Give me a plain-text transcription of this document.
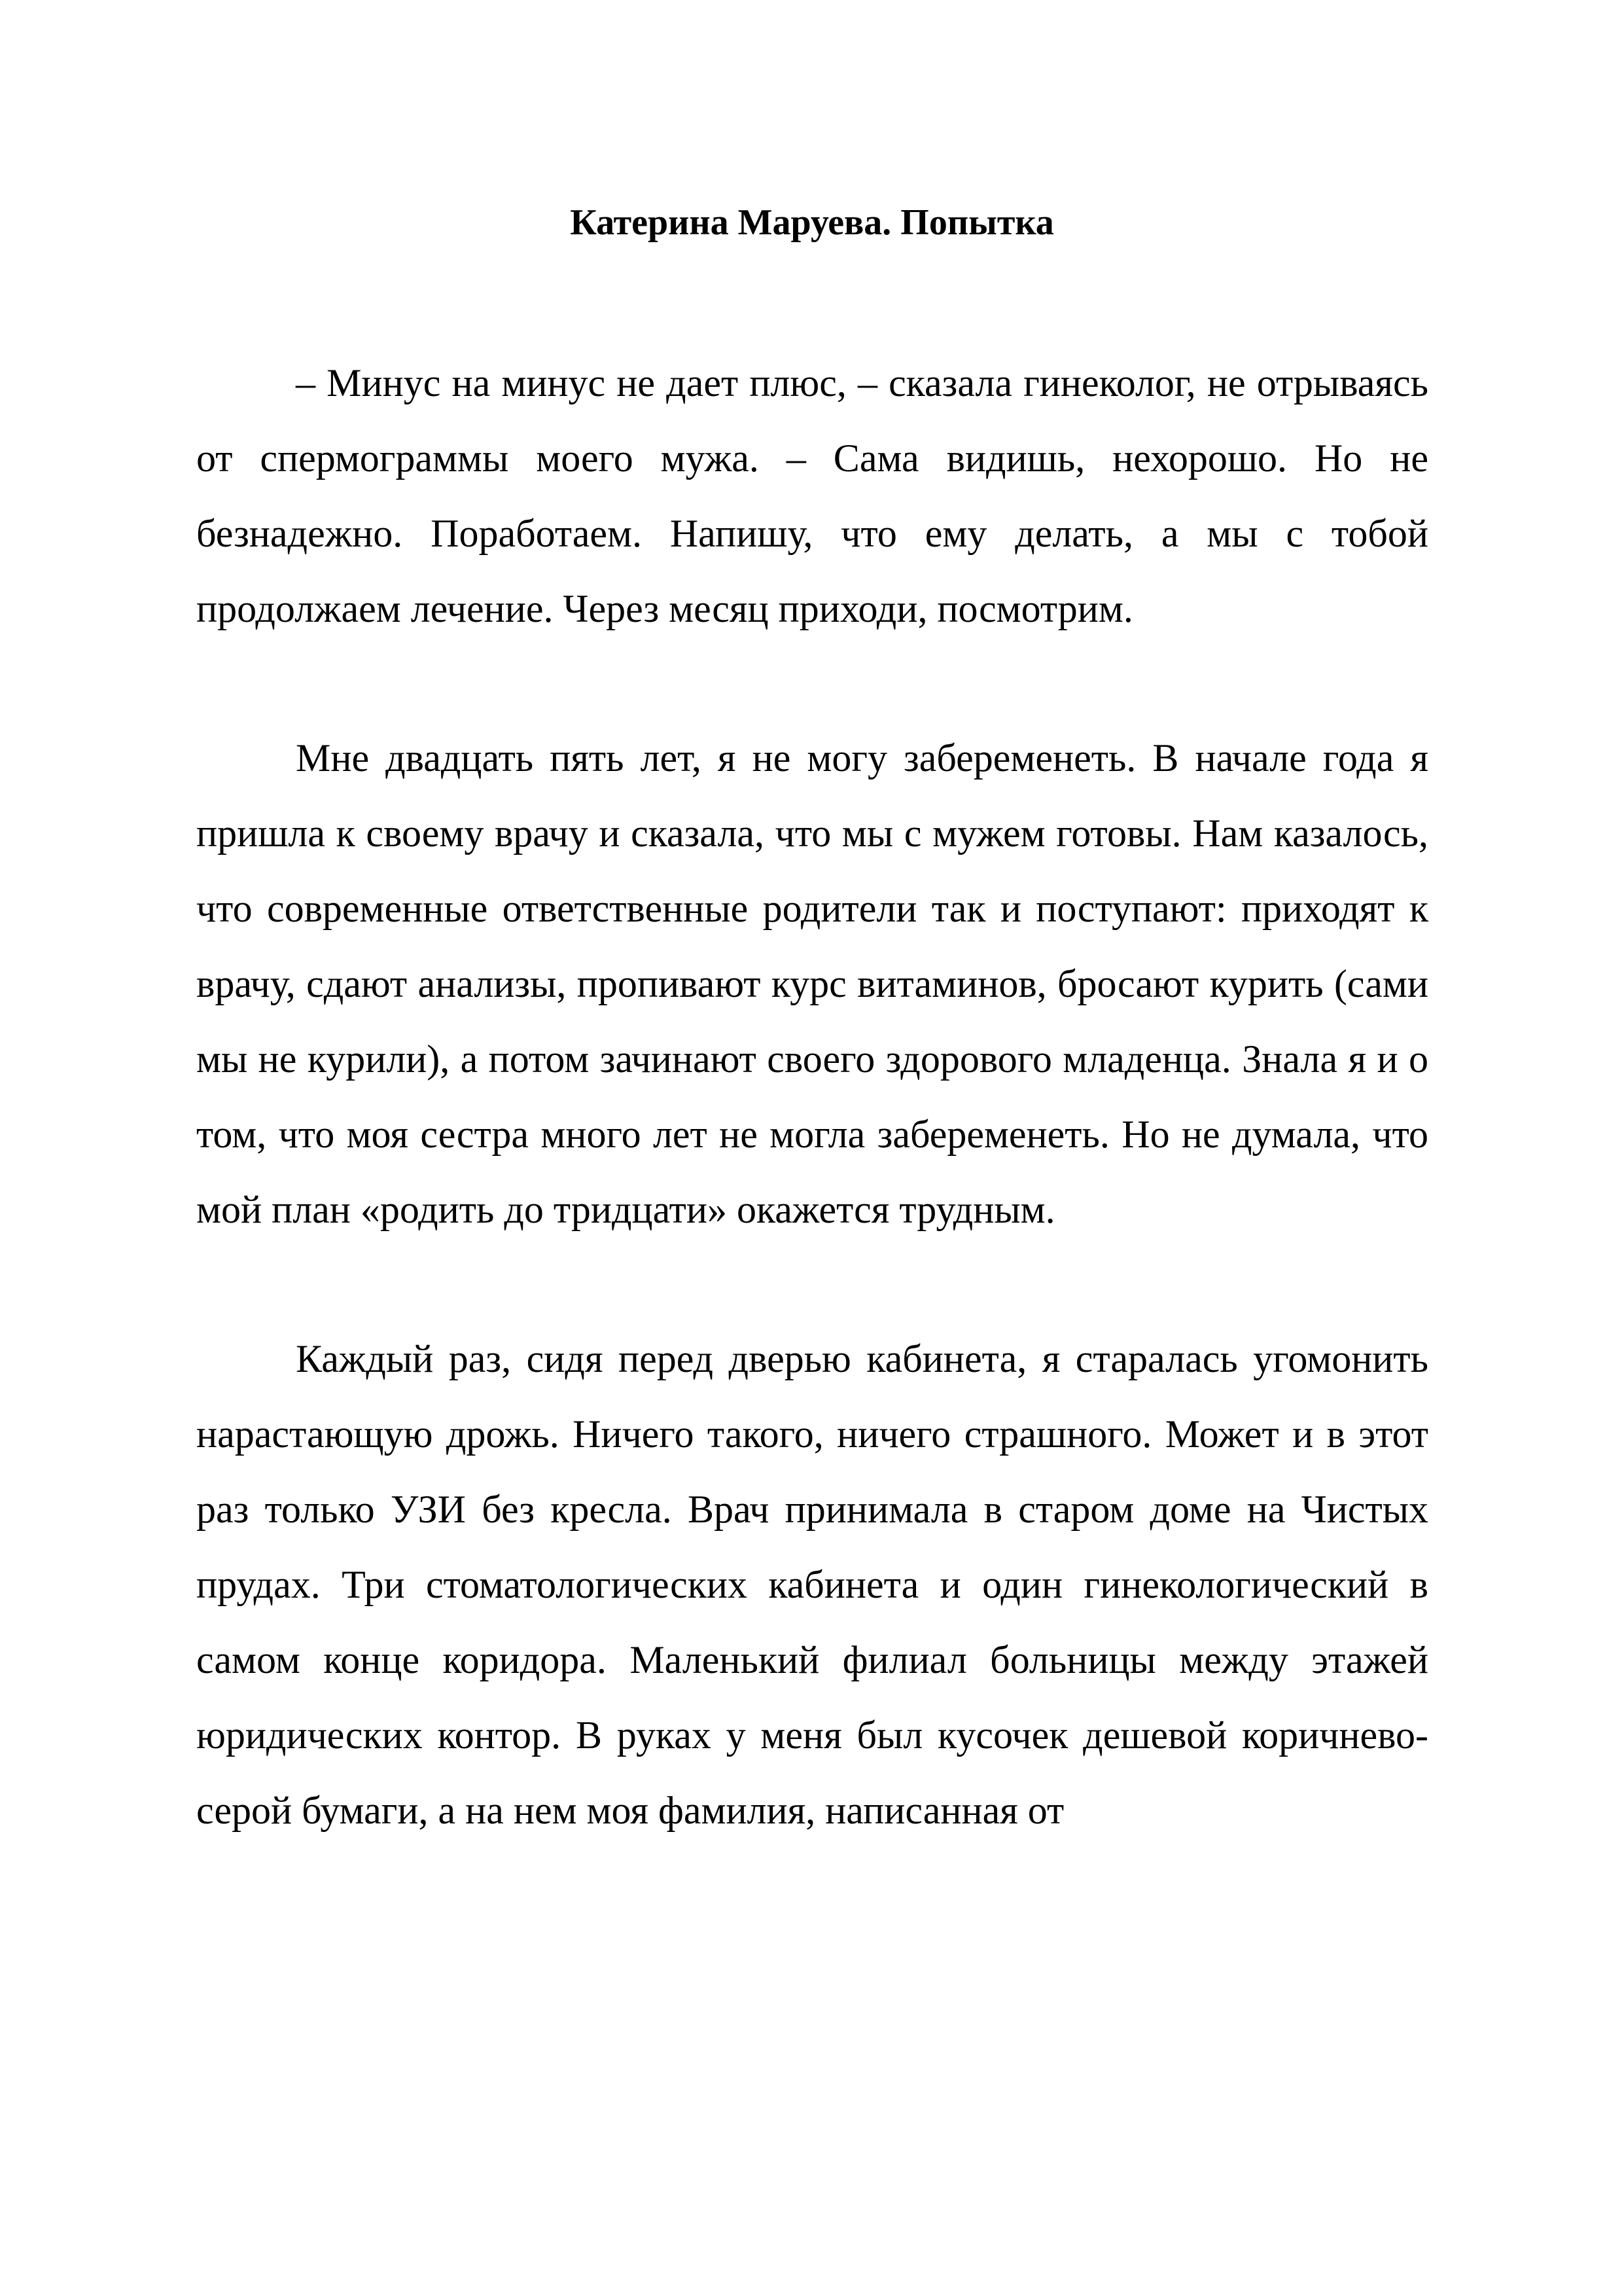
Катерина Маруева. Попытка

– Минус на минус не дает плюс, – сказала гинеколог, не отрываясь от спермограммы моего мужа. – Сама видишь, нехорошо. Но не безнадежно. Поработаем. Напишу, что ему делать, а мы с тобой продолжаем лечение. Через месяц приходи, посмотрим.

Мне двадцать пять лет, я не могу забеременеть. В начале года я пришла к своему врачу и сказала, что мы с мужем готовы. Нам казалось, что современные ответственные родители так и поступают: приходят к врачу, сдают анализы, пропивают курс витаминов, бросают курить (сами мы не курили), а потом зачинают своего здорового младенца. Знала я и о том, что моя сестра много лет не могла забеременеть. Но не думала, что мой план «родить до тридцати» окажется трудным.

Каждый раз, сидя перед дверью кабинета, я старалась угомонить нарастающую дрожь. Ничего такого, ничего страшного. Может и в этот раз только УЗИ без кресла. Врач принимала в старом доме на Чистых прудах. Три стоматологических кабинета и один гинекологический в самом конце коридора. Маленький филиал больницы между этажей юридических контор. В руках у меня был кусочек дешевой коричнево-серой бумаги, а на нем моя фамилия, написанная от
